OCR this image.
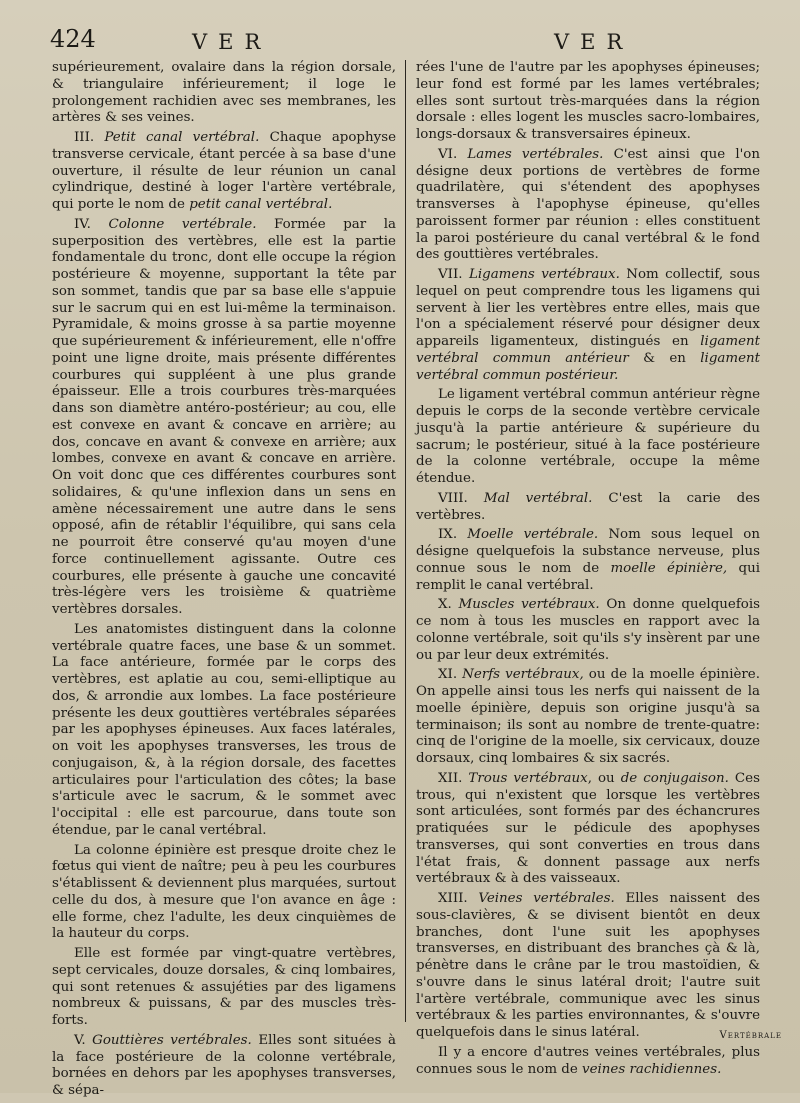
424	VER	VER

supérieurement, ovalaire dans la région dorsale, & triangulaire inférieurement; il loge le prolongement rachidien avec ses membranes, les artères & ses veines.

III. Petit canal vertébral. Chaque apophyse transverse cervicale, étant percée à sa base d'une ouverture, il résulte de leur réunion un canal cylindrique, destiné à loger l'artère vertébrale, qui porte le nom de petit canal vertébral.

IV. Colonne vertébrale. Formée par la superposition des vertèbres, elle est la partie fondamentale du tronc, dont elle occupe la région postérieure & moyenne, supportant la tête par son sommet, tandis que par sa base elle s'appuie sur le sacrum qui en est lui-même la terminaison. Pyramidale, & moins grosse à sa partie moyenne que supérieurement & inférieurement, elle n'offre point une ligne droite, mais présente différentes courbures qui suppléent à une plus grande épaisseur. Elle a trois courbures très-marquées dans son diamètre antéro-postérieur; au cou, elle est convexe en avant & concave en arrière; au dos, concave en avant & convexe en arrière; aux lombes, convexe en avant & concave en arrière. On voit donc que ces différentes courbures sont solidaires, & qu'une inflexion dans un sens en amène nécessairement une autre dans le sens opposé, afin de rétablir l'équilibre, qui sans cela ne pourroit être conservé qu'au moyen d'une force continuellement agissante. Outre ces courbures, elle présente à gauche une concavité très-légère vers les troisième & quatrième vertèbres dorsales.

Les anatomistes distinguent dans la colonne vertébrale quatre faces, une base & un sommet. La face antérieure, formée par le corps des vertèbres, est aplatie au cou, semi-elliptique au dos, & arrondie aux lombes. La face postérieure présente les deux gouttières vertébrales séparées par les apophyses épineuses. Aux faces latérales, on voit les apophyses transverses, les trous de conjugaison, &, à la région dorsale, des facettes articulaires pour l'articulation des côtes; la base s'articule avec le sacrum, & le sommet avec l'occipital : elle est parcourue, dans toute son étendue, par le canal vertébral.

La colonne épinière est presque droite chez le fœtus qui vient de naître; peu à peu les courbures s'établissent & deviennent plus marquées, surtout celle du dos, à mesure que l'on avance en âge : elle forme, chez l'adulte, les deux cinquièmes de la hauteur du corps.

Elle est formée par vingt-quatre vertèbres, sept cervicales, douze dorsales, & cinq lombaires, qui sont retenues & assujéties par des ligamens nombreux & puissans, & par des muscles très-forts.

V. Gouttières vertébrales. Elles sont situées à la face postérieure de la colonne vertébrale, bornées en dehors par les apophyses transverses, & sépa-

rées l'une de l'autre par les apophyses épineuses; leur fond est formé par les lames vertébrales; elles sont surtout très-marquées dans la région dorsale : elles logent les muscles sacro-lombaires, longs-dorsaux & transversaires épineux.

VI. Lames vertébrales. C'est ainsi que l'on désigne deux portions de vertèbres de forme quadrilatère, qui s'étendent des apophyses transverses à l'apophyse épineuse, qu'elles paroissent former par réunion : elles constituent la paroi postérieure du canal vertébral & le fond des gouttières vertébrales.

VII. Ligamens vertébraux. Nom collectif, sous lequel on peut comprendre tous les ligamens qui servent à lier les vertèbres entre elles, mais que l'on a spécialement réservé pour désigner deux appareils ligamenteux, distingués en ligament vertébral commun antérieur & en ligament vertébral commun postérieur.

Le ligament vertébral commun antérieur règne depuis le corps de la seconde vertèbre cervicale jusqu'à la partie antérieure & supérieure du sacrum; le postérieur, situé à la face postérieure de la colonne vertébrale, occupe la même étendue.

VIII. Mal vertébral. C'est la carie des vertèbres.

IX. Moelle vertébrale. Nom sous lequel on désigne quelquefois la substance nerveuse, plus connue sous le nom de moelle épinière, qui remplit le canal vertébral.

X. Muscles vertébraux. On donne quelquefois ce nom à tous les muscles en rapport avec la colonne vertébrale, soit qu'ils s'y insèrent par une ou par leur deux extrémités.

XI. Nerfs vertébraux, ou de la moelle épinière. On appelle ainsi tous les nerfs qui naissent de la moelle épinière, depuis son origine jusqu'à sa terminaison; ils sont au nombre de trente-quatre: cinq de l'origine de la moelle, six cervicaux, douze dorsaux, cinq lombaires & six sacrés.

XII. Trous vertébraux, ou de conjugaison. Ces trous, qui n'existent que lorsque les vertèbres sont articulées, sont formés par des échancrures pratiquées sur le pédicule des apophyses transverses, qui sont converties en trous dans l'état frais, & donnent passage aux nerfs vertébraux & à des vaisseaux.

XIII. Veines vertébrales. Elles naissent des sous-clavières, & se divisent bientôt en deux branches, dont l'une suit les apophyses transverses, en distribuant des branches çà & là, pénètre dans le crâne par le trou mastoïdien, & s'ouvre dans le sinus latéral droit; l'autre suit l'artère vertébrale, communique avec les sinus vertébraux & les parties environnantes, & s'ouvre quelquefois dans le sinus latéral.

Il y a encore d'autres veines vertébrales, plus connues sous le nom de veines rachidiennes.

Vertébrale
